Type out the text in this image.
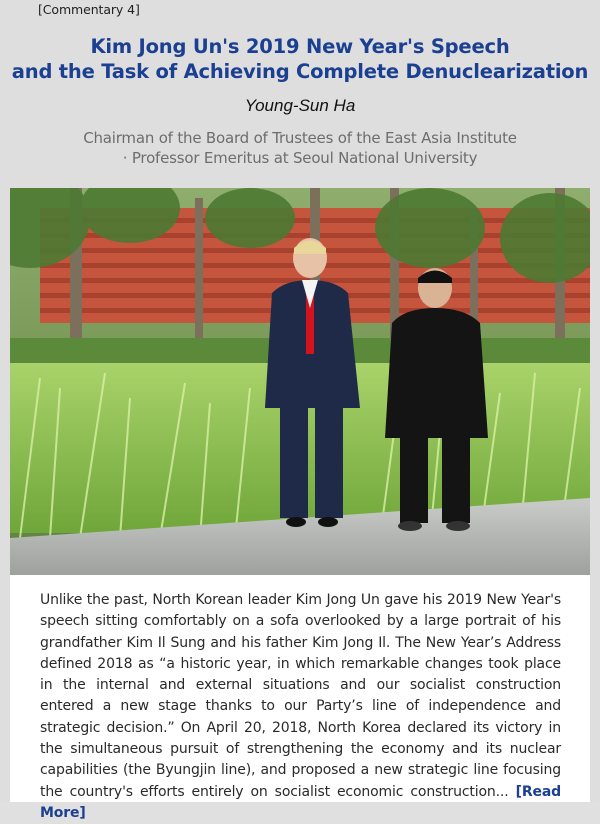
[Commentary 4]
Kim Jong Un's 2019 New Year's Speech
and the Task of Achieving Complete Denuclearization
Young-Sun Ha
Chairman of the Board of Trustees of the East Asia Institute
· Professor Emeritus at Seoul National University

Unlike the past, North Korean leader Kim Jong Un gave his 2019 New Year's speech sitting comfortably on a sofa overlooked by a large portrait of his grandfather Kim Il Sung and his father Kim Jong Il. The New Year’s Address defined 2018 as “a historic year, in which remarkable changes took place in the internal and external situations and our socialist construction entered a new stage thanks to our Party’s line of independence and strategic decision.” On April 20, 2018, North Korea declared its victory in the simultaneous pursuit of strengthening the economy and its nuclear capabilities (the Byungjin line), and proposed a new strategic line focusing the country's efforts entirely on socialist economic construction... [Read More]
